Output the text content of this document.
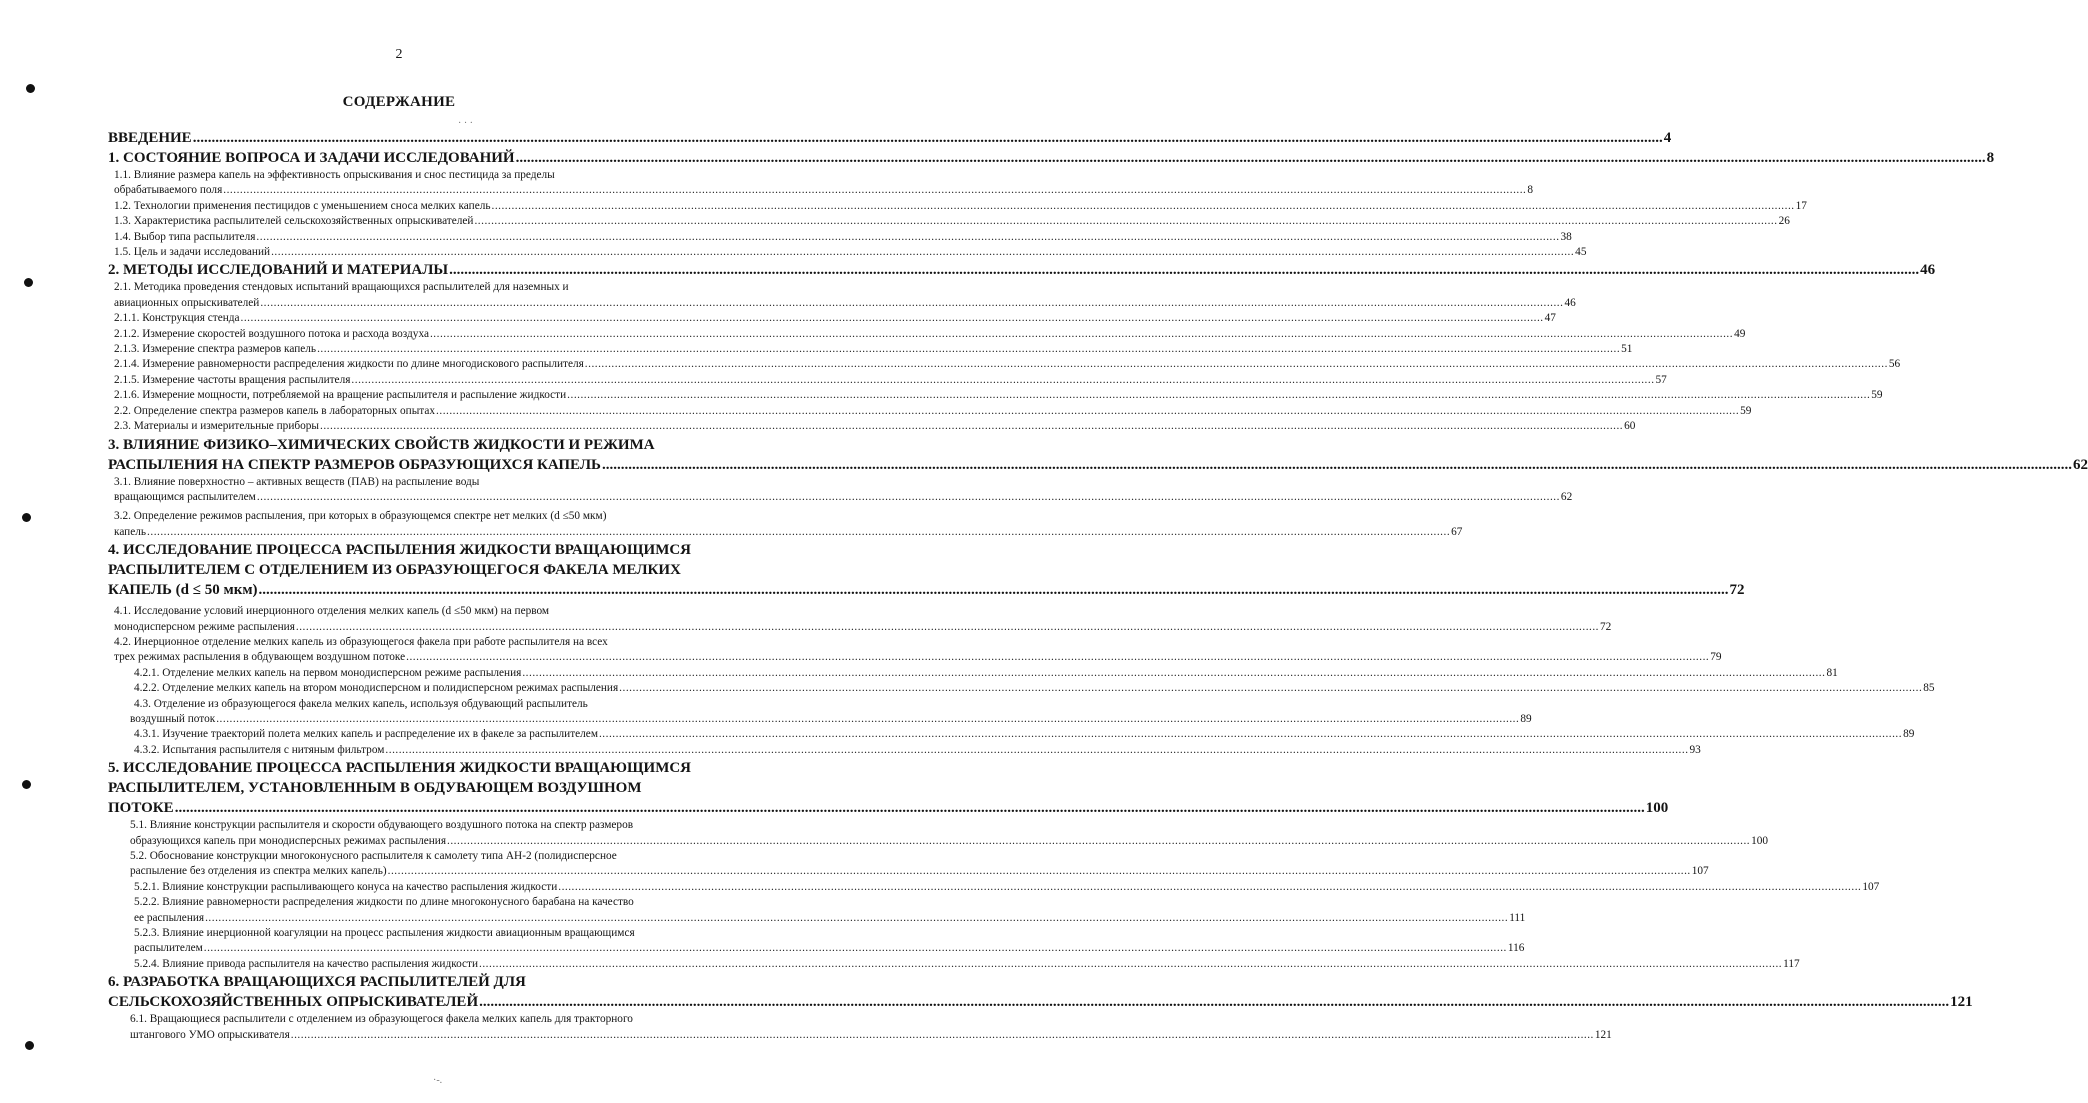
· · ·
·-.
2
СОДЕРЖАНИЕ
ВВЕДЕНИЕ .....	4
1. СОСТОЯНИЕ ВОПРОСА И ЗАДАЧИ ИССЛЕДОВАНИЙ .....	8
1.1. Влияние размера капель на эффективность опрыскивания и снос пестицида за пределы
обрабатываемого поля .....	8
1.2. Технологии применения пестицидов с уменьшением сноса мелких капель .....	17
1.3. Характеристика распылителей сельскохозяйственных опрыскивателей .....	26
1.4. Выбор типа распылителя .....	38
1.5. Цель и задачи исследований .....	45
2. МЕТОДЫ ИССЛЕДОВАНИЙ И МАТЕРИАЛЫ .....	46
2.1. Методика проведения стендовых испытаний вращающихся распылителей для наземных и
авиационных опрыскивателей .....	46
2.1.1. Конструкция стенда .....	47
2.1.2. Измерение скоростей воздушного потока и расхода воздуха .....	49
2.1.3. Измерение спектра размеров капель .....	51
2.1.4. Измерение равномерности распределения жидкости по длине многодискового распылителя .....	56
2.1.5. Измерение частоты вращения распылителя .....	57
2.1.6. Измерение мощности, потребляемой на вращение распылителя и распыление жидкости .....	59
2.2. Определение спектра размеров капель в лабораторных опытах .....	59
2.3. Материалы и измерительные приборы .....	60
3. ВЛИЯНИЕ ФИЗИКО–ХИМИЧЕСКИХ СВОЙСТВ ЖИДКОСТИ И РЕЖИМА
РАСПЫЛЕНИЯ НА СПЕКТР РАЗМЕРОВ ОБРАЗУЮЩИХСЯ КАПЕЛЬ .....	62
3.1. Влияние поверхностно – активных веществ (ПАВ) на распыление воды
вращающимся распылителем .....	62
3.2. Определение режимов распыления, при которых в образующемся спектре нет мелких (d ≤50 мкм)
капель .....	67
4. ИССЛЕДОВАНИЕ ПРОЦЕССА РАСПЫЛЕНИЯ ЖИДКОСТИ ВРАЩАЮЩИМСЯ
РАСПЫЛИТЕЛЕМ С ОТДЕЛЕНИЕМ ИЗ ОБРАЗУЮЩЕГОСЯ ФАКЕЛА МЕЛКИХ
КАПЕЛЬ (d ≤ 50 мкм) .....	72
4.1. Исследование условий инерционного отделения мелких капель (d ≤50 мкм) на первом
монодисперсном режиме распыления .....	72
4.2. Инерционное отделение мелких капель из образующегося факела при работе распылителя на всех
трех режимах распыления в обдувающем воздушном потоке .....	79
4.2.1. Отделение мелких капель на первом монодисперсном режиме распыления .....	81
4.2.2. Отделение мелких капель на втором монодисперсном и полидисперсном режимах распыления .....	85
4.3. Отделение из образующегося факела мелких капель, используя обдувающий распылитель
воздушный поток .....	89
4.3.1. Изучение траекторий полета мелких капель и распределение их в факеле за распылителем .....	89
4.3.2. Испытания распылителя с нитяным фильтром .....	93
5. ИССЛЕДОВАНИЕ ПРОЦЕССА РАСПЫЛЕНИЯ ЖИДКОСТИ ВРАЩАЮЩИМСЯ
РАСПЫЛИТЕЛЕМ, УСТАНОВЛЕННЫМ В ОБДУВАЮЩЕМ ВОЗДУШНОМ
ПОТОКЕ .....	100
5.1. Влияние конструкции распылителя и скорости обдувающего воздушного потока на спектр размеров
образующихся капель при монодисперсных режимах распыления .....	100
5.2. Обоснование конструкции многоконусного распылителя к самолету типа АН-2 (полидисперсное
распыление без отделения из спектра мелких капель) .....	107
5.2.1. Влияние конструкции распыливающего конуса на качество распыления жидкости .....	107
5.2.2. Влияние равномерности распределения жидкости по длине многоконусного барабана на качество
ее распыления .....	111
5.2.3. Влияние инерционной коагуляции на процесс распыления жидкости авиационным вращающимся
распылителем .....	116
5.2.4. Влияние привода распылителя на качество распыления жидкости .....	117
6. РАЗРАБОТКА ВРАЩАЮЩИХСЯ РАСПЫЛИТЕЛЕЙ ДЛЯ
СЕЛЬСКОХОЗЯЙСТВЕННЫХ ОПРЫСКИВАТЕЛЕЙ .....	121
6.1. Вращающиеся распылители с отделением из образующегося факела мелких капель для тракторного
штангового УМО опрыскивателя .....	121
